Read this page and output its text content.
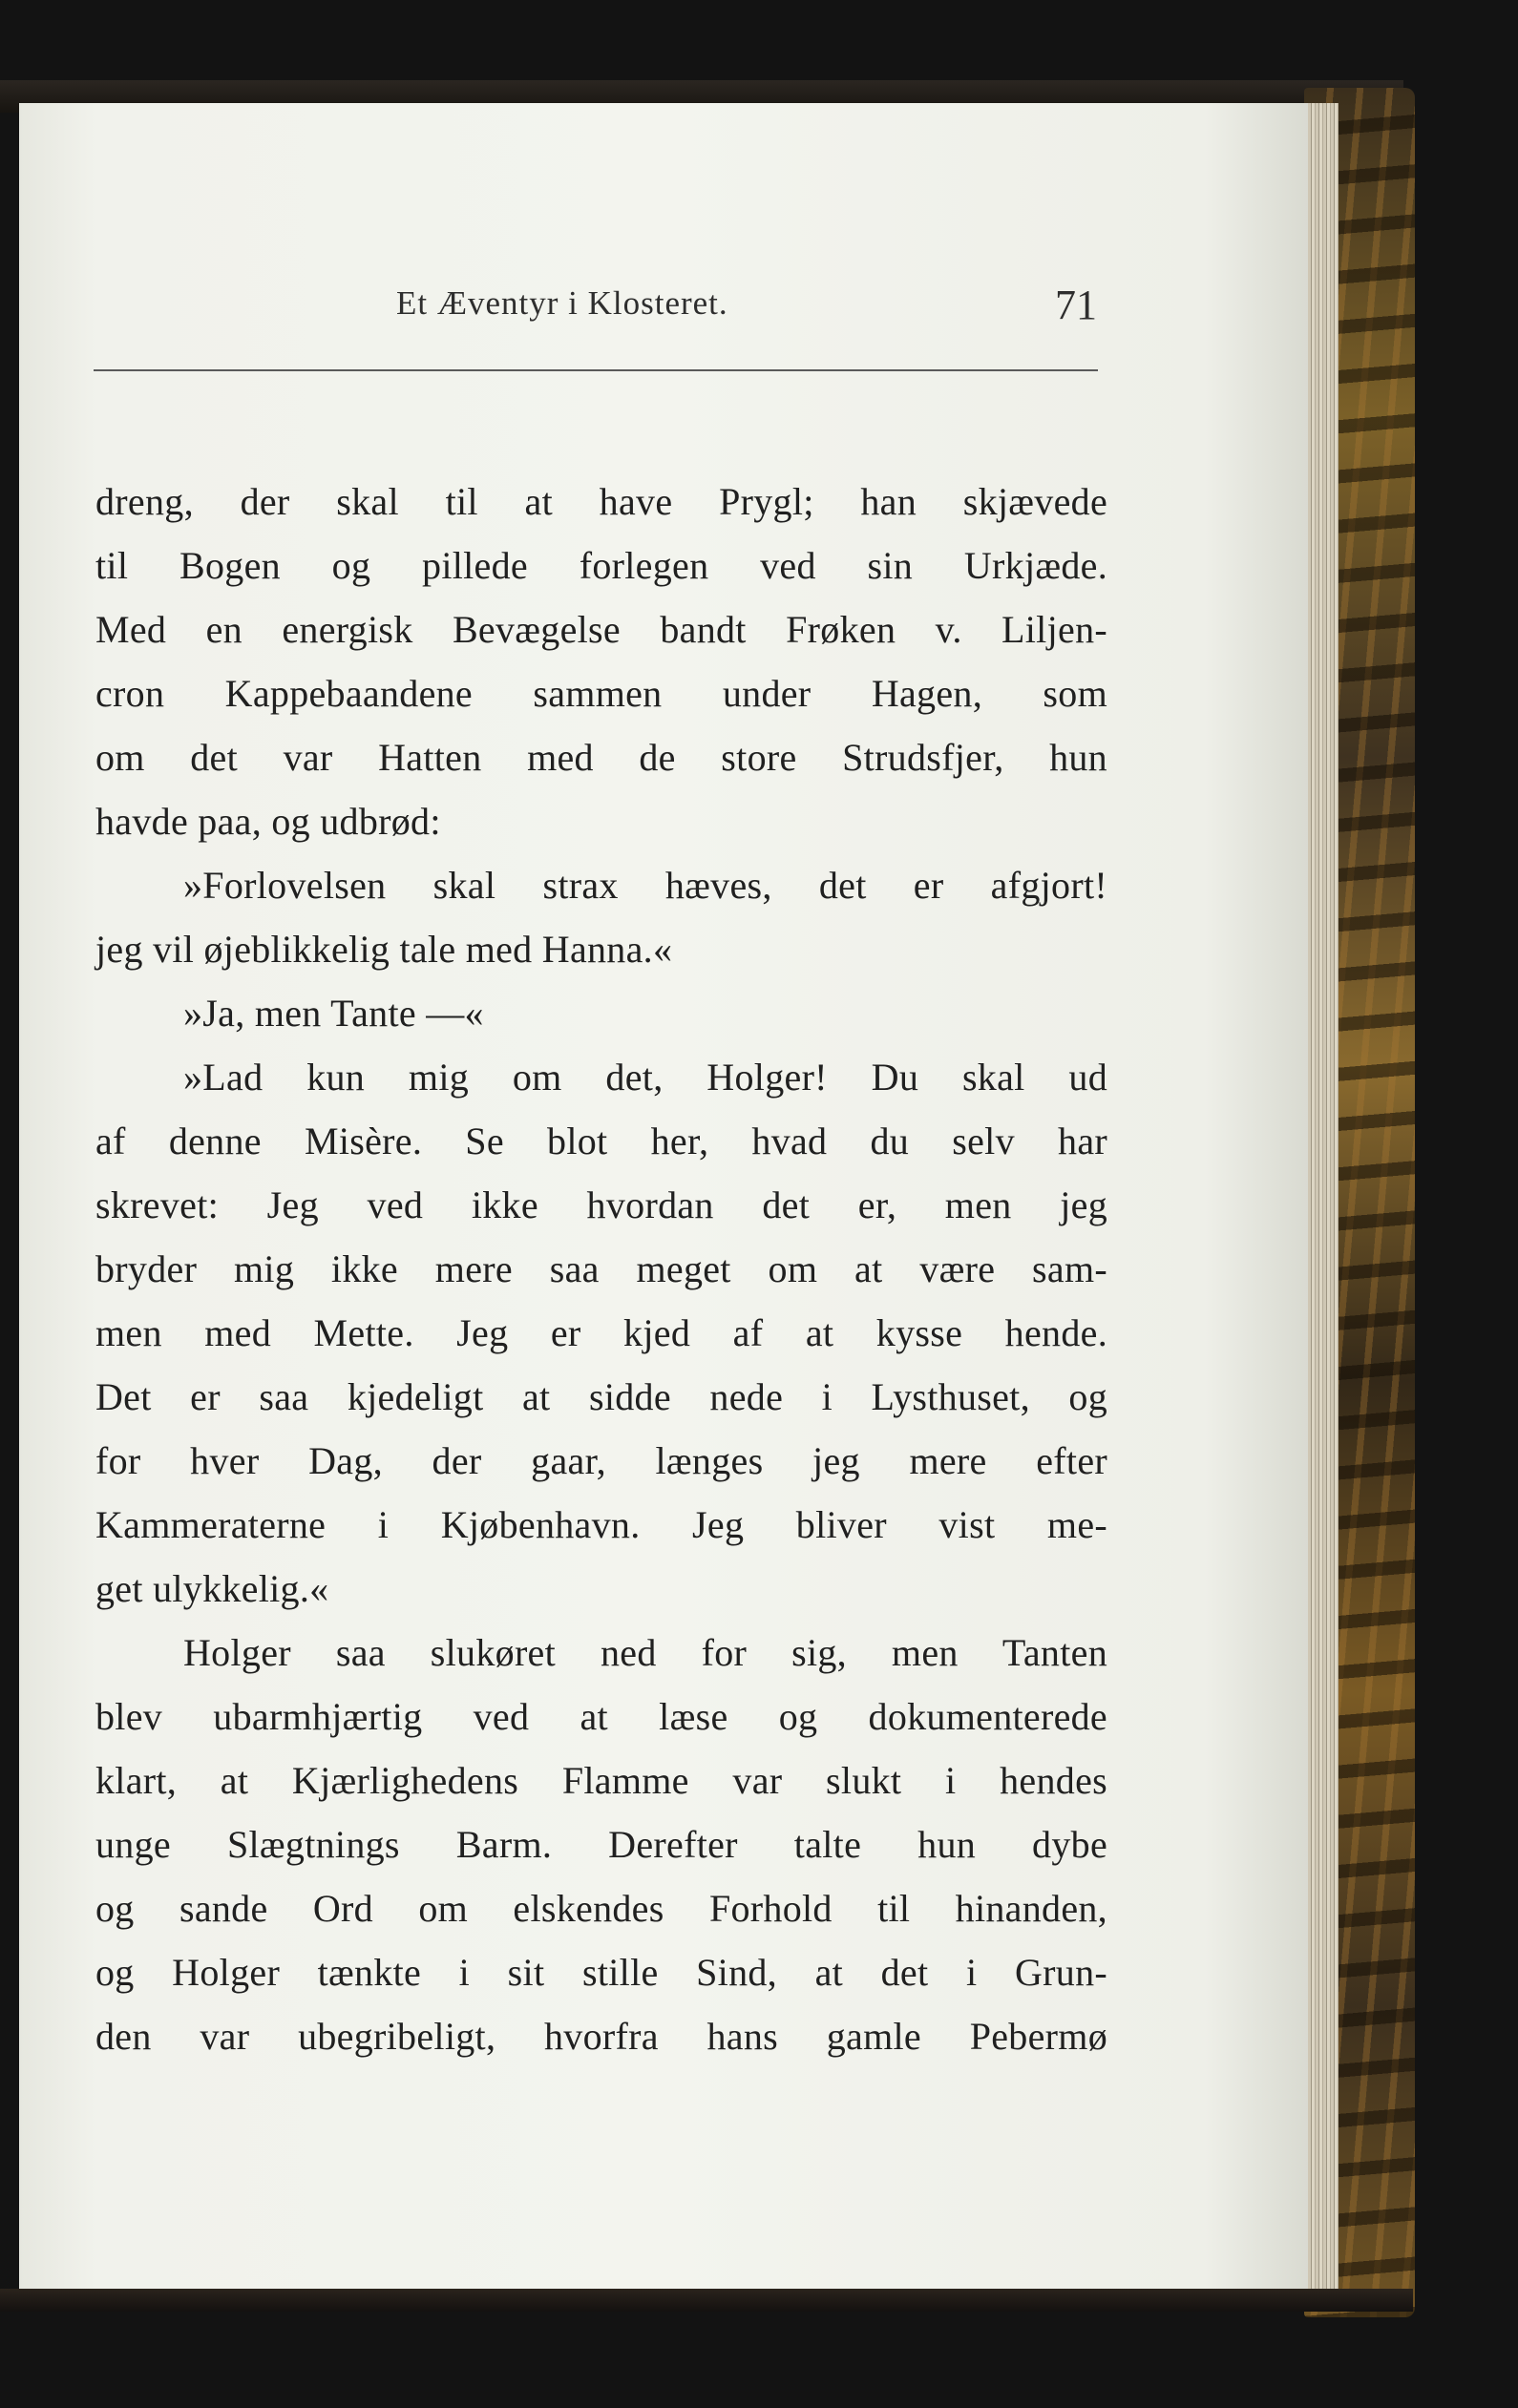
Et Æventyr i Klosteret.	71
dreng, der skal til at have Prygl; han skjævede
til Bogen og pillede forlegen ved sin Urkjæde.
Med en energisk Bevægelse bandt Frøken v. Liljen-
cron Kappebaandene sammen under Hagen, som
om det var Hatten med de store Strudsfjer, hun
havde paa, og udbrød:
»Forlovelsen skal strax hæves, det er afgjort!
jeg vil øjeblikkelig tale med Hanna.«
»Ja, men Tante —«
»Lad kun mig om det, Holger! Du skal ud
af denne Misère. Se blot her, hvad du selv har
skrevet: Jeg ved ikke hvordan det er, men jeg
bryder mig ikke mere saa meget om at være sam-
men med Mette. Jeg er kjed af at kysse hende.
Det er saa kjedeligt at sidde nede i Lysthuset, og
for hver Dag, der gaar, længes jeg mere efter
Kammeraterne i Kjøbenhavn. Jeg bliver vist me-
get ulykkelig.«
Holger saa slukøret ned for sig, men Tanten
blev ubarmhjærtig ved at læse og dokumenterede
klart, at Kjærlighedens Flamme var slukt i hendes
unge Slægtnings Barm. Derefter talte hun dybe
og sande Ord om elskendes Forhold til hinanden,
og Holger tænkte i sit stille Sind, at det i Grun-
den var ubegribeligt, hvorfra hans gamle Pebermø
